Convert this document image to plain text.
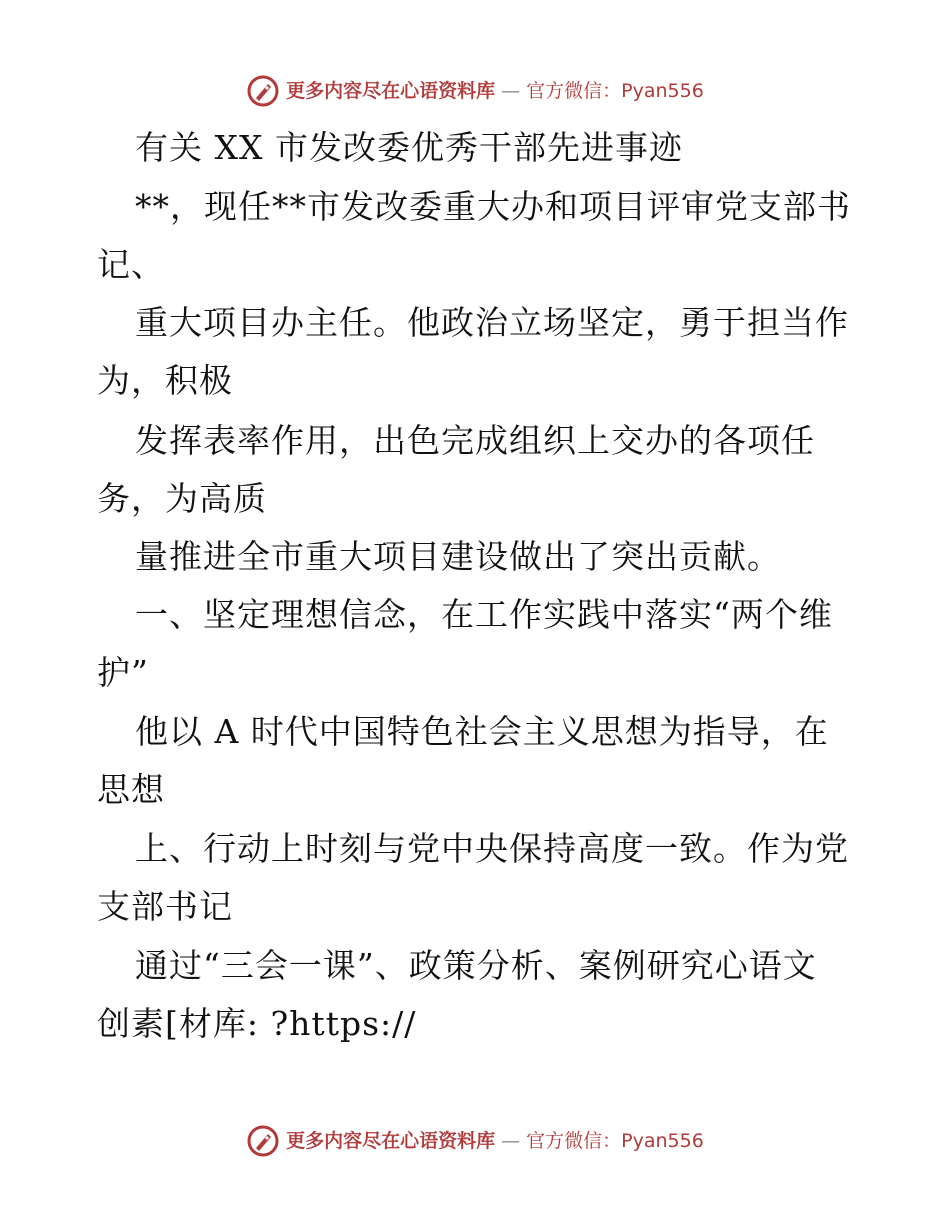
更多内容尽在心语资料库 — 官方微信：Pyan556
有关 XX 市发改委优秀干部先进事迹
**，现任**市发改委重大办和项目评审党支部书
记、
重大项目办主任。他政治立场坚定，勇于担当作
为，积极
发挥表率作用，出色完成组织上交办的各项任
务，为高质
量推进全市重大项目建设做出了突出贡献。
一、坚定理想信念，在工作实践中落实“两个维
护”
他以 A 时代中国特色社会主义思想为指导，在
思想
上、行动上时刻与党中央保持高度一致。作为党
支部书记
通过“三会一课”、政策分析、案例研究心语文
创素[材库: ?https://
更多内容尽在心语资料库 — 官方微信：Pyan556
